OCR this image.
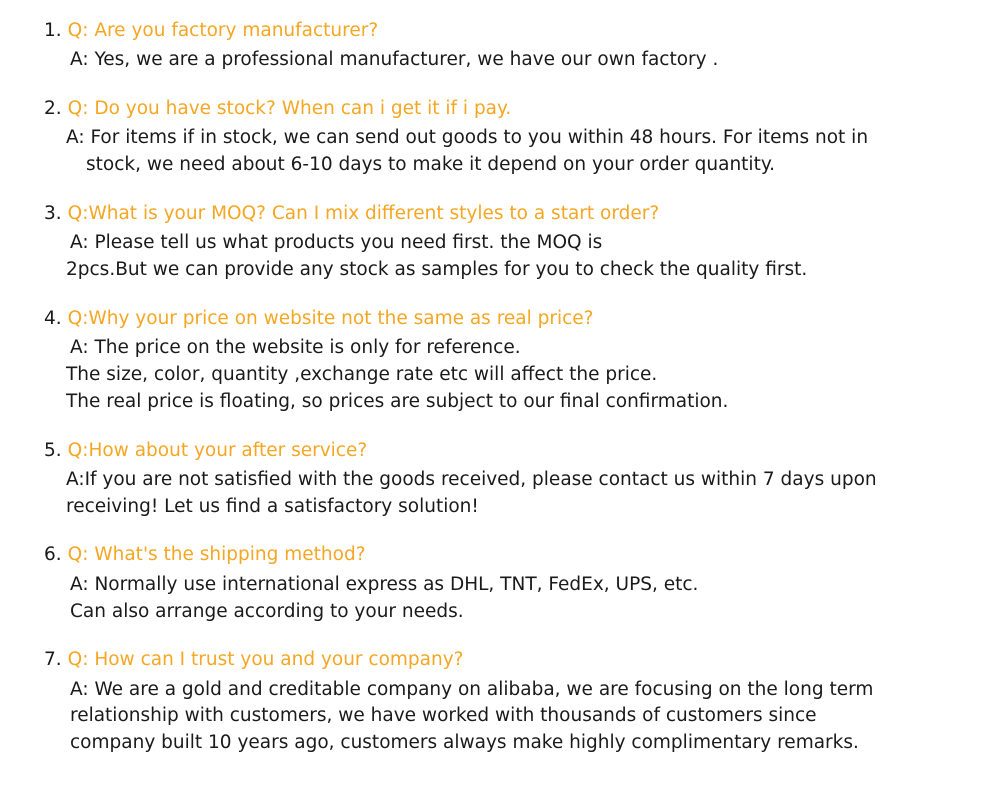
1. Q: Are you factory manufacturer?
A: Yes, we are a professional manufacturer, we have our own factory .
2. Q: Do you have stock? When can i get it if i pay.
A: For items if in stock, we can send out goods to you within 48 hours. For items not in
stock, we need about 6-10 days to make it depend on your order quantity.
3. Q:What is your MOQ? Can I mix different styles to a start order?
A: Please tell us what products you need first. the MOQ is
2pcs.But we can provide any stock as samples for you to check the quality first.
4. Q:Why your price on website not the same as real price?
A: The price on the website is only for reference.
The size, color, quantity ,exchange rate etc will affect the price.
The real price is floating, so prices are subject to our final confirmation.
5. Q:How about your after service?
A:If you are not satisfied with the goods received, please contact us within 7 days upon
receiving! Let us find a satisfactory solution!
6. Q: What's the shipping method?
A: Normally use international express as DHL, TNT, FedEx, UPS, etc.
Can also arrange according to your needs.
7. Q: How can I trust you and your company?
A: We are a gold and creditable company on alibaba, we are focusing on the long term
relationship with customers, we have worked with thousands of customers since
company built 10 years ago, customers always make highly complimentary remarks.
